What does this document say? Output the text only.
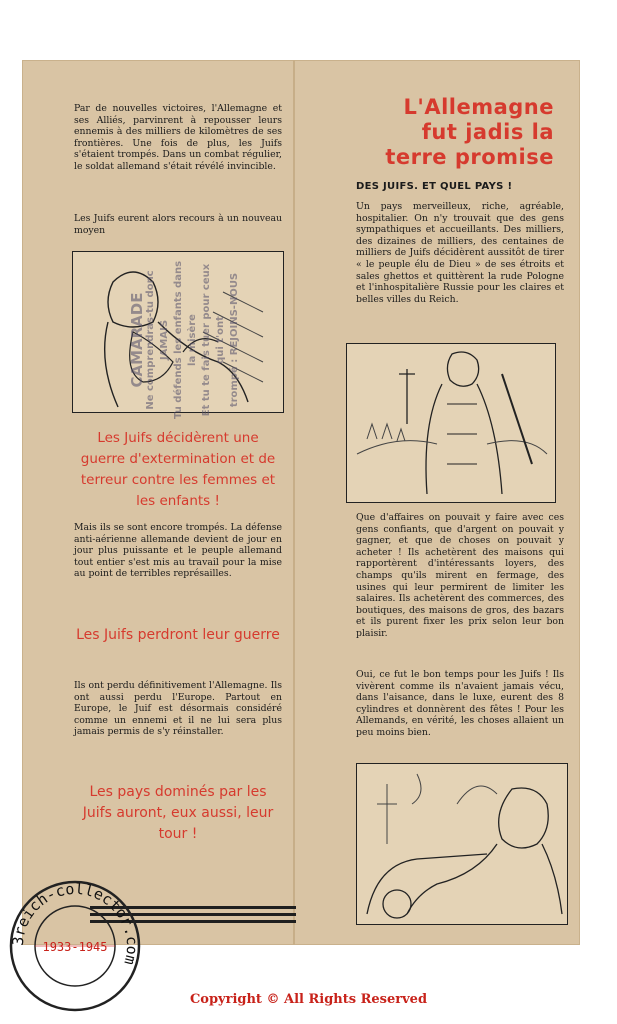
Par de nouvelles victoires, l'Allemagne et ses Alliés, parvinrent à repousser leurs ennemis à des milliers de kilomètres de ses frontières. Une fois de plus, les Juifs s'étaient trompés. Dans un combat régulier, le soldat allemand s'était révélé invincible.

Les Juifs eurent alors recours à un nouveau moyen

CAMARADE Ne comprendras-tu donc JAMAIS Tu défends les enfants dans la misère Et tu te fais tuer pour ceux qui t'ont trompé : REJOINS-NOUS

Les Juifs décidèrent une guerre d'extermination et de terreur contre les femmes et les enfants !

Mais ils se sont encore trompés. La défense anti-aérienne allemande devient de jour en jour plus puissante et le peuple allemand tout entier s'est mis au travail pour la mise au point de terribles représailles.

Les Juifs perdront leur guerre

Ils ont perdu définitivement l'Allemagne. Ils ont aussi perdu l'Europe. Partout en Europe, le Juif est désormais considéré comme un ennemi et il ne lui sera plus jamais permis de s'y réinstaller.

Les pays dominés par les Juifs auront, eux aussi, leur tour !

L'Allemagne
fut jadis la
terre promise
DES JUIFS. ET QUEL PAYS !

Un pays merveilleux, riche, agréable, hospitalier. On n'y trouvait que des gens sympathiques et accueillants. Des milliers, des dizaines de milliers, des centaines de milliers de Juifs décidèrent aussitôt de tirer « le peuple élu de Dieu » de ses étroits et sales ghettos et quittèrent la rude Pologne et l'inhospitalière Russie pour les claires et belles villes du Reich.

Que d'affaires on pouvait y faire avec ces gens confiants, que d'argent on pouvait y gagner, et que de choses on pouvait y acheter ! Ils achetèrent des maisons qui rapportèrent d'intéressants loyers, des champs qu'ils mirent en fermage, des usines qui leur permirent de limiter les salaires. Ils achetèrent des commerces, des boutiques, des maisons de gros, des bazars et ils purent fixer les prix selon leur bon plaisir.

Oui, ce fut le bon temps pour les Juifs ! Ils vivèrent comme ils n'avaient jamais vécu, dans l'aisance, dans le luxe, eurent des 8 cylindres et donnèrent des fêtes ! Pour les Allemands, en vérité, les choses allaient un peu moins bien.

3reich-collector.com
1933-1945
Copyright © All Rights Reserved
